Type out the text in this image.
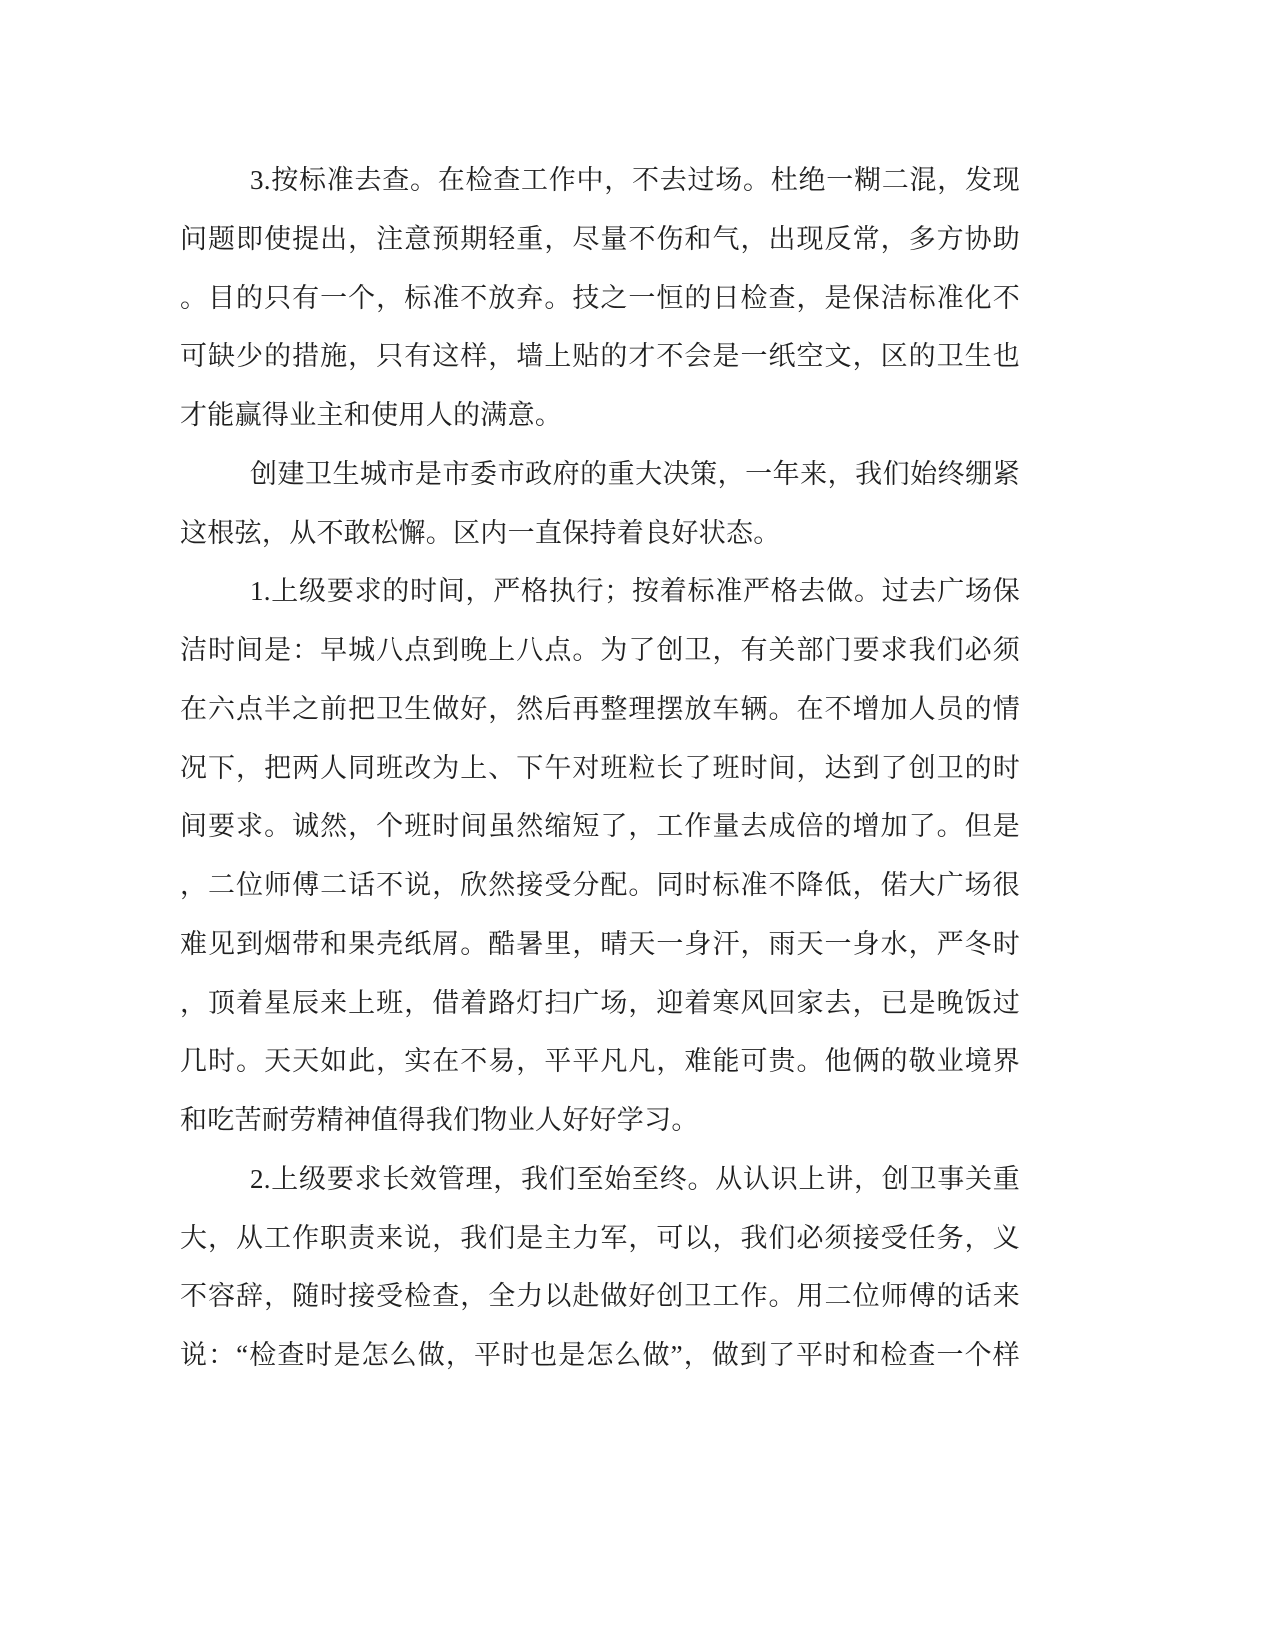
3.按标准去查。在检查工作中，不去过场。杜绝一糊二混，发现
问题即使提出，注意预期轻重，尽量不伤和气，出现反常，多方协助
。目的只有一个，标准不放弃。技之一恒的日检查，是保洁标准化不
可缺少的措施，只有这样，墙上贴的才不会是一纸空文，区的卫生也
才能赢得业主和使用人的满意。
创建卫生城市是市委市政府的重大决策，一年来，我们始终绷紧
这根弦，从不敢松懈。区内一直保持着良好状态。
1.上级要求的时间，严格执行；按着标准严格去做。过去广场保
洁时间是：早城八点到晚上八点。为了创卫，有关部门要求我们必须
在六点半之前把卫生做好，然后再整理摆放车辆。在不增加人员的情
况下，把两人同班改为上、下午对班粒长了班时间，达到了创卫的时
间要求。诚然，个班时间虽然缩短了，工作量去成倍的增加了。但是
，二位师傅二话不说，欣然接受分配。同时标准不降低，偌大广场很
难见到烟带和果壳纸屑。酷暑里，晴天一身汗，雨天一身水，严冬时
，顶着星辰来上班，借着路灯扫广场，迎着寒风回家去，已是晚饭过
几时。天天如此，实在不易，平平凡凡，难能可贵。他俩的敬业境界
和吃苦耐劳精神值得我们物业人好好学习。
2.上级要求长效管理，我们至始至终。从认识上讲，创卫事关重
大，从工作职责来说，我们是主力军，可以，我们必须接受任务，义
不容辞，随时接受检查，全力以赴做好创卫工作。用二位师傅的话来
说：“检查时是怎么做，平时也是怎么做”，做到了平时和检查一个样
